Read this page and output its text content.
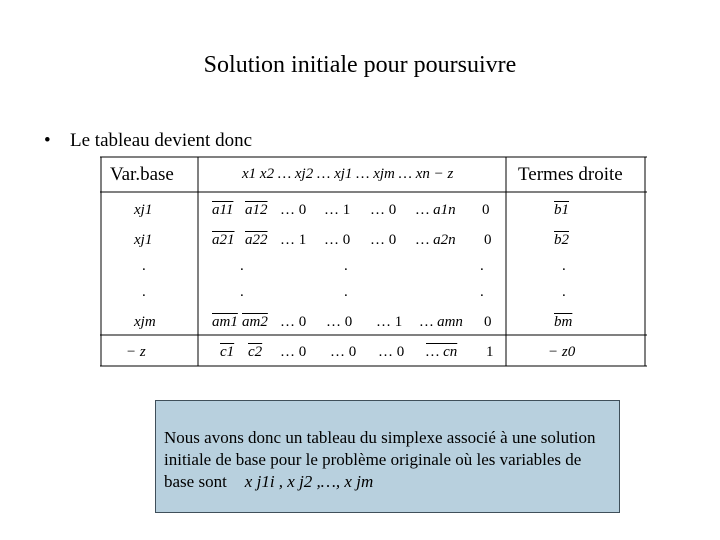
Solution initiale pour poursuivre
• Le tableau devient donc
Var.base	x1 x2 … xj2 … xj1 … xjm … xn − z	Termes droite
xj1	a11 a12 … 0 … 1 … 0 … a1n 0	b1
xj1	a21 a22 … 1 … 0 … 0 … a2n 0	b2
.	.	.	.	.
.	.	.	.	.
xjm	am1 am2 … 0 … 0 … 1 … amn 0	$\overline{bm}$
− z	c1 c2 … 0 … 0 … 0 … cn 1	− z0
Nous avons donc un tableau du simplexe associé à une solution initiale de base pour le problème originale où les variables de base sont x j1i , x j2 ,…, x jm
